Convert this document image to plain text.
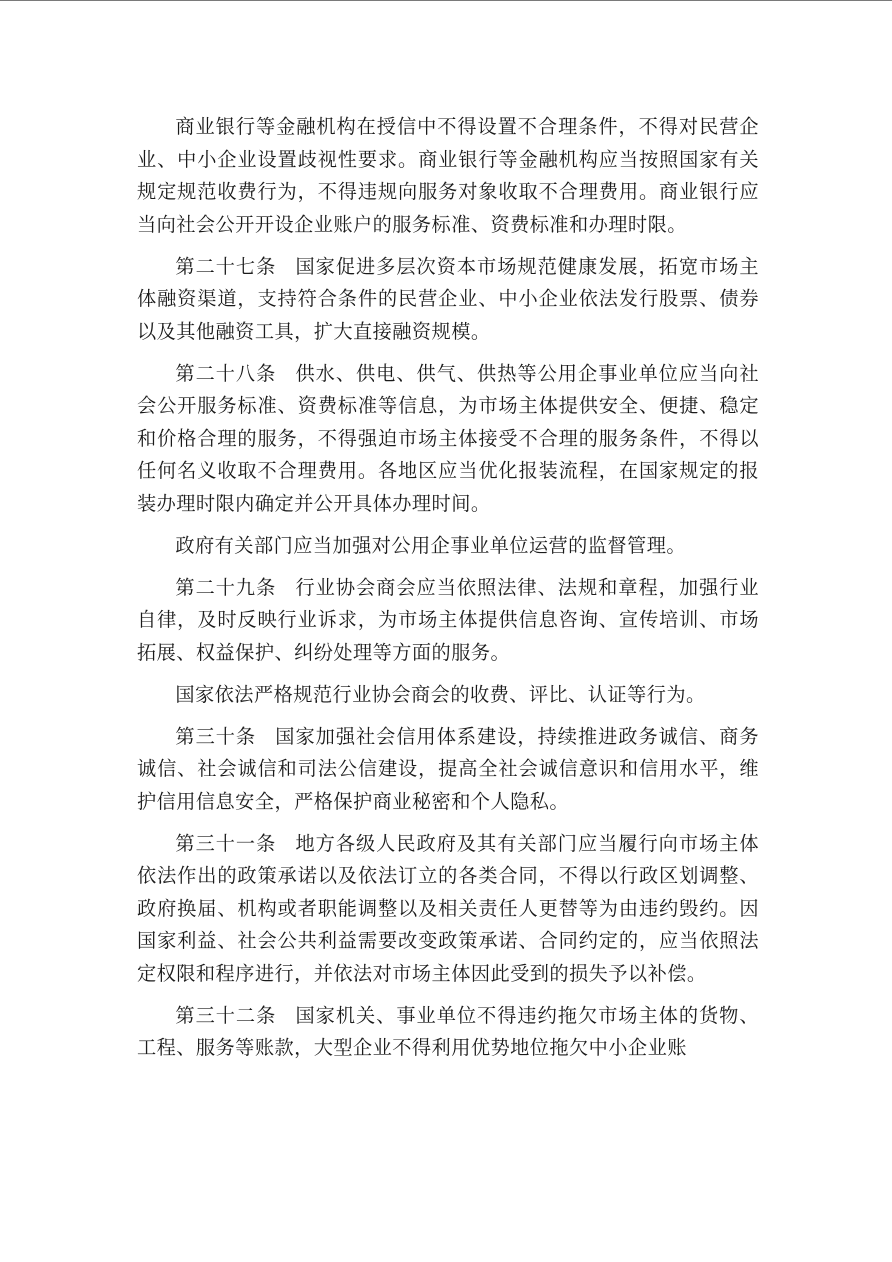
商业银行等金融机构在授信中不得设置不合理条件，不得对民营企业、中小企业设置歧视性要求。商业银行等金融机构应当按照国家有关规定规范收费行为，不得违规向服务对象收取不合理费用。商业银行应当向社会公开开设企业账户的服务标准、资费标准和办理时限。

第二十七条 国家促进多层次资本市场规范健康发展，拓宽市场主体融资渠道，支持符合条件的民营企业、中小企业依法发行股票、债券以及其他融资工具，扩大直接融资规模。

第二十八条 供水、供电、供气、供热等公用企事业单位应当向社会公开服务标准、资费标准等信息，为市场主体提供安全、便捷、稳定和价格合理的服务，不得强迫市场主体接受不合理的服务条件，不得以任何名义收取不合理费用。各地区应当优化报装流程，在国家规定的报装办理时限内确定并公开具体办理时间。

政府有关部门应当加强对公用企事业单位运营的监督管理。

第二十九条 行业协会商会应当依照法律、法规和章程，加强行业自律，及时反映行业诉求，为市场主体提供信息咨询、宣传培训、市场拓展、权益保护、纠纷处理等方面的服务。

国家依法严格规范行业协会商会的收费、评比、认证等行为。

第三十条 国家加强社会信用体系建设，持续推进政务诚信、商务诚信、社会诚信和司法公信建设，提高全社会诚信意识和信用水平，维护信用信息安全，严格保护商业秘密和个人隐私。

第三十一条 地方各级人民政府及其有关部门应当履行向市场主体依法作出的政策承诺以及依法订立的各类合同，不得以行政区划调整、政府换届、机构或者职能调整以及相关责任人更替等为由违约毁约。因国家利益、社会公共利益需要改变政策承诺、合同约定的，应当依照法定权限和程序进行，并依法对市场主体因此受到的损失予以补偿。

第三十二条 国家机关、事业单位不得违约拖欠市场主体的货物、工程、服务等账款，大型企业不得利用优势地位拖欠中小企业账
